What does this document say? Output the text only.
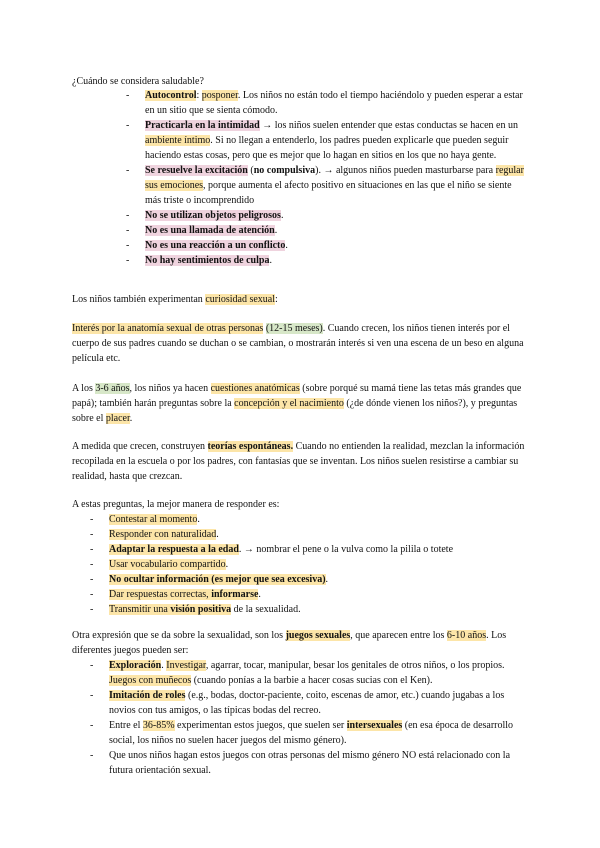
¿Cuándo se considera saludable?

- Autocontrol: posponer. Los niños no están todo el tiempo haciéndolo y pueden esperar a estar en un sitio que se sienta cómodo.
- Practicarla en la intimidad → los niños suelen entender que estas conductas se hacen en un ambiente íntimo. Si no llegan a entenderlo, los padres pueden explicarle que pueden seguir haciendo estas cosas, pero que es mejor que lo hagan en sitios en los que no haya gente.
- Se resuelve la excitación (no compulsiva). → algunos niños pueden masturbarse para regular sus emociones, porque aumenta el afecto positivo en situaciones en las que el niño se siente más triste o incomprendido
- No se utilizan objetos peligrosos.
- No es una llamada de atención.
- No es una reacción a un conflicto.
- No hay sentimientos de culpa.

Los niños también experimentan curiosidad sexual:

Interés por la anatomía sexual de otras personas (12-15 meses). Cuando crecen, los niños tienen interés por el cuerpo de sus padres cuando se duchan o se cambian, o mostrarán interés si ven una escena de un beso en alguna película etc.

A los 3-6 años, los niños ya hacen cuestiones anatómicas (sobre porqué su mamá tiene las tetas más grandes que papá); también harán preguntas sobre la concepción y el nacimiento (¿de dónde vienen los niños?), y preguntas sobre el placer.

A medida que crecen, construyen teorías espontáneas. Cuando no entienden la realidad, mezclan la información recopilada en la escuela o por los padres, con fantasías que se inventan. Los niños suelen resistirse a cambiar su realidad, hasta que crezcan.

A estas preguntas, la mejor manera de responder es:

- Contestar al momento.
- Responder con naturalidad.
- Adaptar la respuesta a la edad. → nombrar el pene o la vulva como la pilila o totete
- Usar vocabulario compartido.
- No ocultar información (es mejor que sea excesiva).
- Dar respuestas correctas, informarse.
- Transmitir una visión positiva de la sexualidad.

Otra expresión que se da sobre la sexualidad, son los juegos sexuales, que aparecen entre los 6-10 años. Los diferentes juegos pueden ser:

- Exploración. Investigar, agarrar, tocar, manipular, besar los genitales de otros niños, o los propios. Juegos con muñecos (cuando ponías a la barbie a hacer cosas sucias con el Ken).
- Imitación de roles (e.g., bodas, doctor-paciente, coito, escenas de amor, etc.) cuando jugabas a los novios con tus amigos, o las típicas bodas del recreo.
- Entre el 36-85% experimentan estos juegos, que suelen ser intersexuales (en esa época de desarrollo social, los niños no suelen hacer juegos del mismo género).
- Que unos niños hagan estos juegos con otras personas del mismo género NO está relacionado con la futura orientación sexual.
